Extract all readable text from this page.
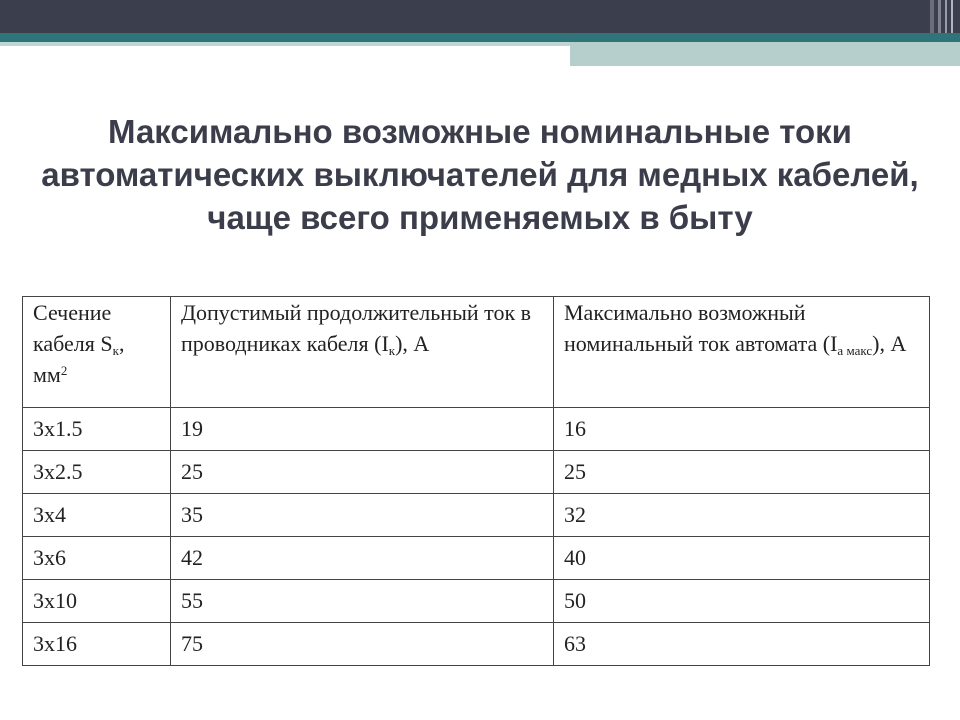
Максимально возможные номинальные токи автоматических выключателей для медных кабелей, чаще всего применяемых в быту
Сечение кабеля $S_к$, $мм^2$	Допустимый продолжительный ток в проводниках кабеля $(I_к)$, А	Максимально возможный номинальный ток автомата $(I_{а макс})$, А
3x1.5	19	16
3x2.5	25	25
3x4	35	32
3x6	42	40
3x10	55	50
3x16	75	63
